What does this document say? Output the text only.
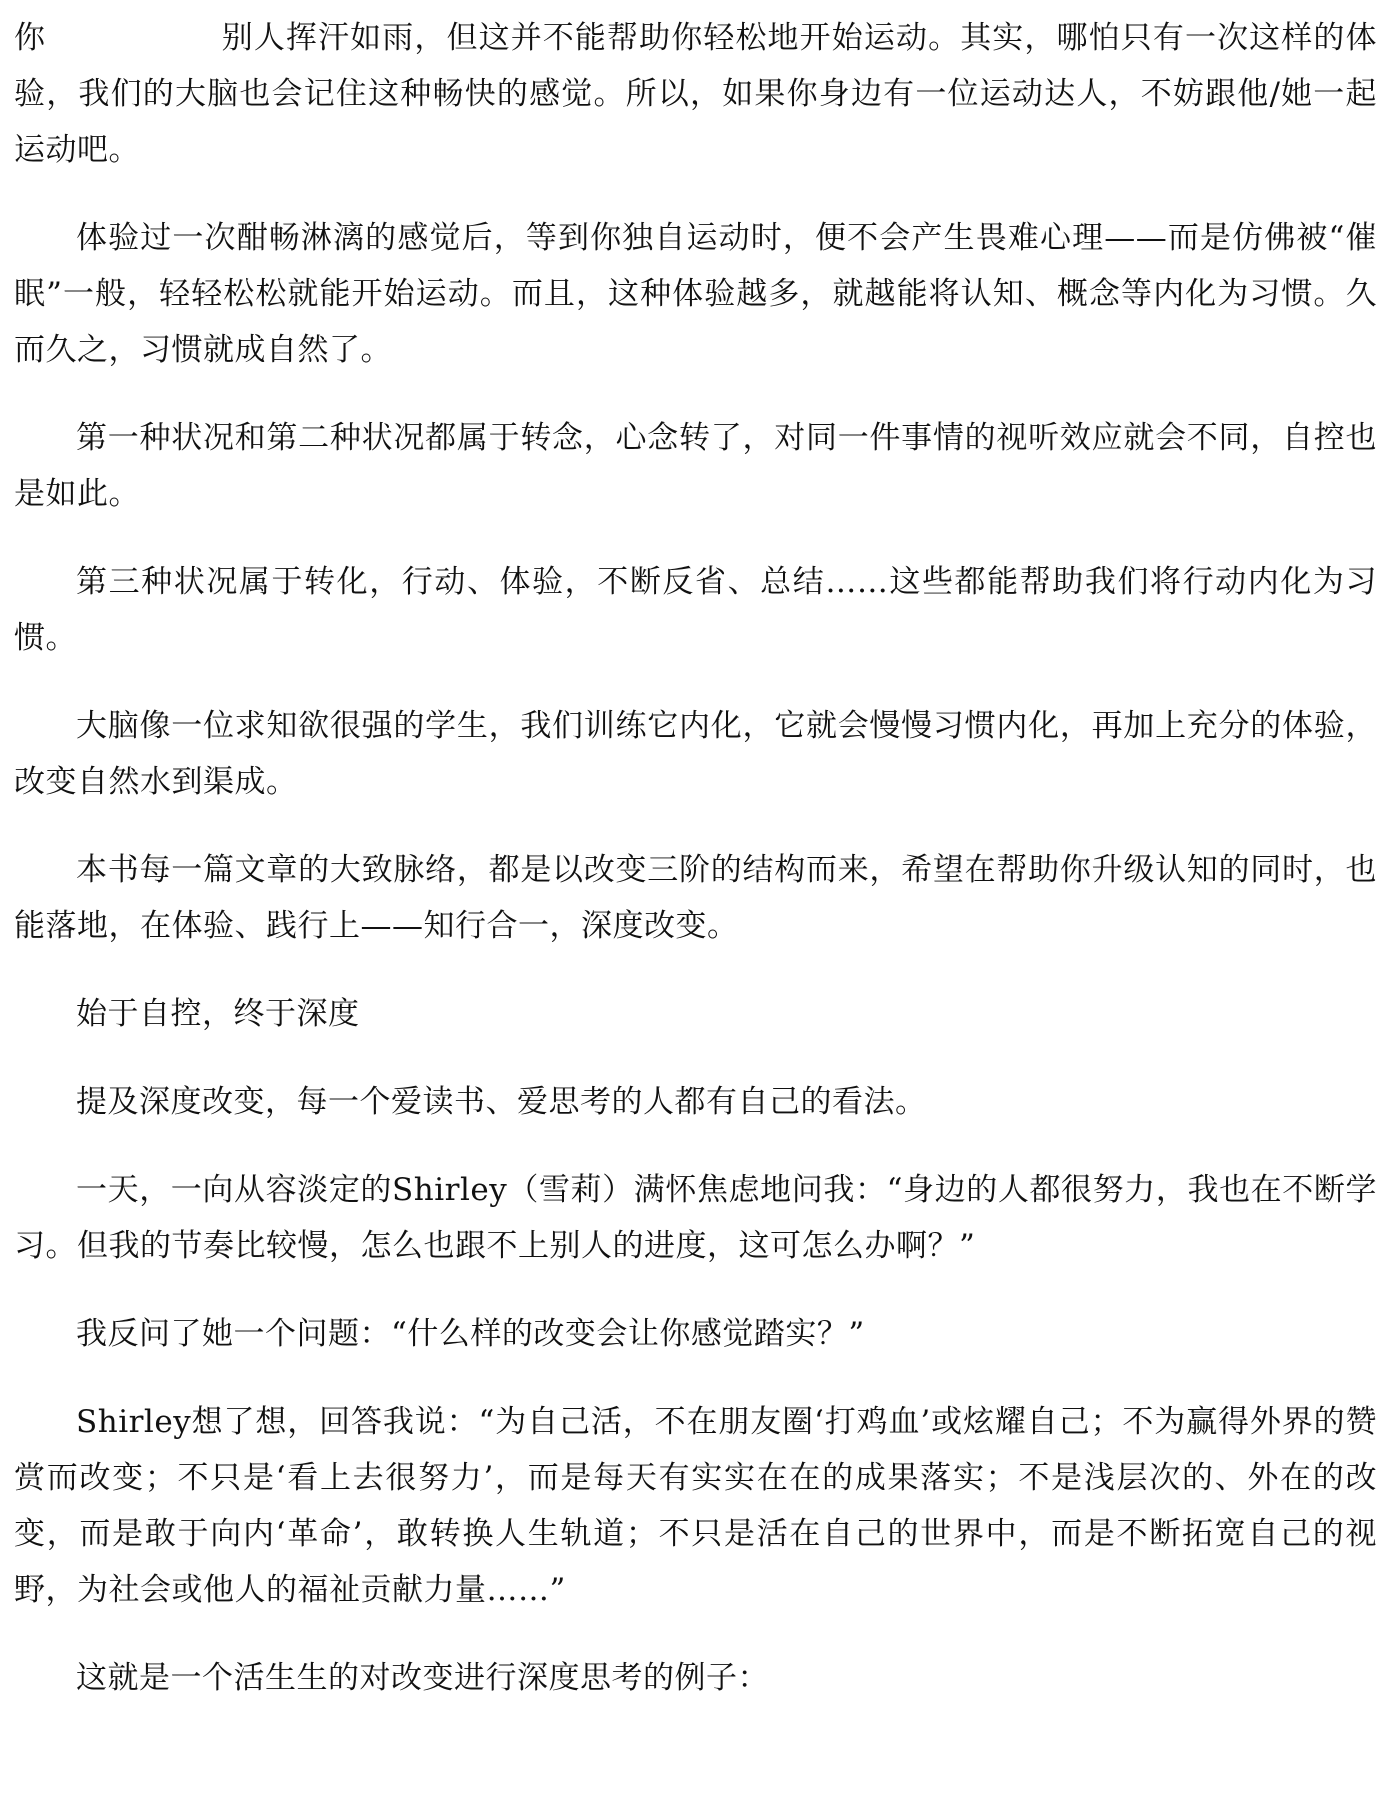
你	别人挥汗如雨，但这并不能帮助你轻松地开始运动。其实，哪怕只有一次这样的体验，我们的大脑也会记住这种畅快的感觉。所以，如果你身边有一位运动达人，不妨跟他/她一起运动吧。

体验过一次酣畅淋漓的感觉后，等到你独自运动时，便不会产生畏难心理——而是仿佛被“催眠”一般，轻轻松松就能开始运动。而且，这种体验越多，就越能将认知、概念等内化为习惯。久而久之，习惯就成自然了。

第一种状况和第二种状况都属于转念，心念转了，对同一件事情的视听效应就会不同，自控也是如此。

第三种状况属于转化，行动、体验，不断反省、总结……这些都能帮助我们将行动内化为习惯。

大脑像一位求知欲很强的学生，我们训练它内化，它就会慢慢习惯内化，再加上充分的体验，改变自然水到渠成。

本书每一篇文章的大致脉络，都是以改变三阶的结构而来，希望在帮助你升级认知的同时，也能落地，在体验、践行上——知行合一，深度改变。

始于自控，终于深度

提及深度改变，每一个爱读书、爱思考的人都有自己的看法。

一天，一向从容淡定的Shirley（雪莉）满怀焦虑地问我：“身边的人都很努力，我也在不断学习。但我的节奏比较慢，怎么也跟不上别人的进度，这可怎么办啊？”

我反问了她一个问题：“什么样的改变会让你感觉踏实？”

Shirley想了想，回答我说：“为自己活，不在朋友圈‘打鸡血’或炫耀自己；不为赢得外界的赞赏而改变；不只是‘看上去很努力’，而是每天有实实在在的成果落实；不是浅层次的、外在的改变，而是敢于向内‘革命’，敢转换人生轨道；不只是活在自己的世界中，而是不断拓宽自己的视野，为社会或他人的福祉贡献力量……”

这就是一个活生生的对改变进行深度思考的例子：
